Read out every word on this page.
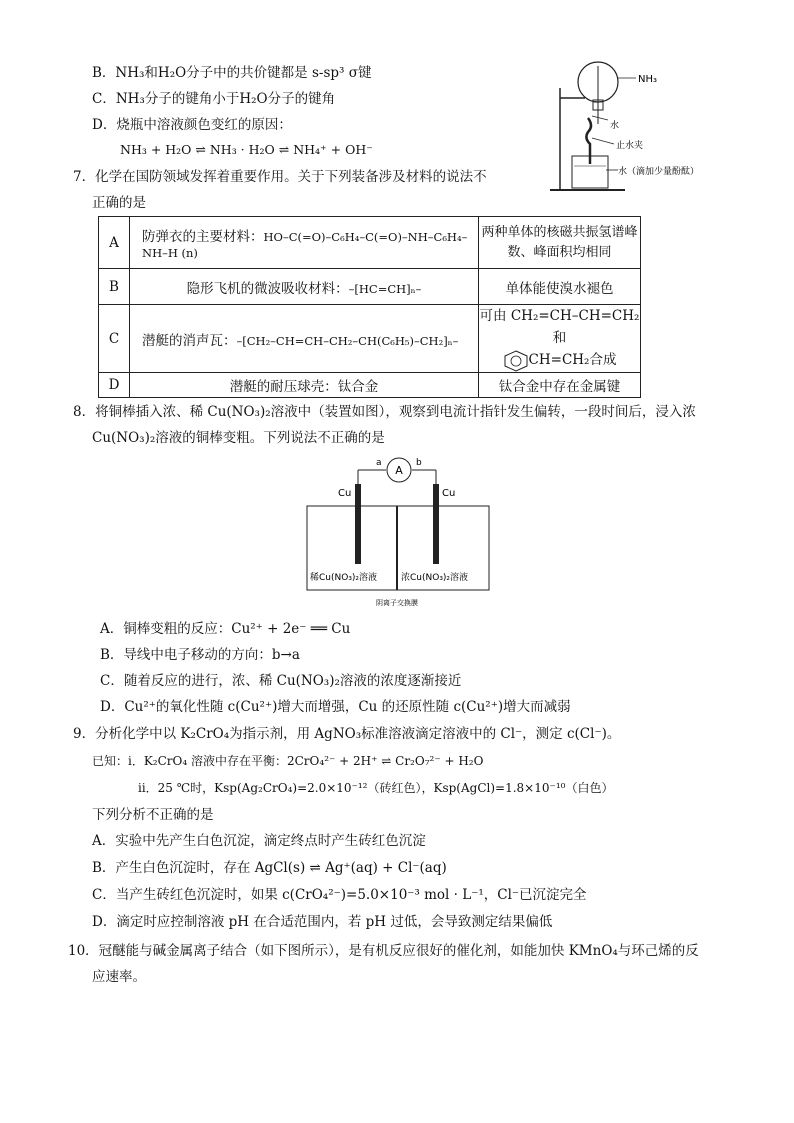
B．NH₃和H₂O分子中的共价键都是 s-sp³ σ键
C．NH₃分子的键角小于H₂O分子的键角
D．烧瓶中溶液颜色变红的原因：
NH₃ + H₂O ⇌ NH₃ · H₂O ⇌ NH₄⁺ + OH⁻
NH₃
水
止水夹
水（滴加少量酚酞）
7．化学在国防领域发挥着重要作用。关于下列装备涉及材料的说法不
正确的是
A	防弹衣的主要材料：HO–C(=O)–C₆H₄–C(=O)–NH–C₆H₄–NH–H (n)	两种单体的核磁共振氢谱峰
数、峰面积均相同

B	隐形飞机的微波吸收材料：–[HC=CH]ₙ–	单体能使溴水褪色
C	潜艇的消声瓦：–[CH₂–CH=CH–CH₂–CH(C₆H₅)–CH₂]ₙ–	可由 CH₂=CH–CH=CH₂和
CH=CH₂合成

D	潜艇的耐压球壳：钛合金	钛合金中存在金属键
8．将铜棒插入浓、稀 Cu(NO₃)₂溶液中（装置如图），观察到电流计指针发生偏转，一段时间后，浸入浓
Cu(NO₃)₂溶液的铜棒变粗。下列说法不正确的是
A
a	b
Cu	Cu
稀Cu(NO₃)₂溶液	浓Cu(NO₃)₂溶液
阴离子交换膜
A．铜棒变粗的反应：Cu²⁺ + 2e⁻ ══ Cu
B．导线中电子移动的方向：b→a
C．随着反应的进行，浓、稀 Cu(NO₃)₂溶液的浓度逐渐接近
D．Cu²⁺的氧化性随 c(Cu²⁺)增大而增强，Cu 的还原性随 c(Cu²⁺)增大而减弱
9．分析化学中以 K₂CrO₄为指示剂，用 AgNO₃标准溶液滴定溶液中的 Cl⁻，测定 c(Cl⁻)。
已知：ⅰ．K₂CrO₄ 溶液中存在平衡：2CrO₄²⁻ + 2H⁺ ⇌ Cr₂O₇²⁻ + H₂O
ⅱ．25 ℃时，Ksp(Ag₂CrO₄)=2.0×10⁻¹²（砖红色），Ksp(AgCl)=1.8×10⁻¹⁰（白色）
下列分析不正确的是
A．实验中先产生白色沉淀，滴定终点时产生砖红色沉淀
B．产生白色沉淀时，存在 AgCl(s) ⇌ Ag⁺(aq) + Cl⁻(aq)
C．当产生砖红色沉淀时，如果 c(CrO₄²⁻)=5.0×10⁻³ mol · L⁻¹，Cl⁻已沉淀完全
D．滴定时应控制溶液 pH 在合适范围内，若 pH 过低，会导致测定结果偏低
10．冠醚能与碱金属离子结合（如下图所示），是有机反应很好的催化剂，如能加快 KMnO₄与环己烯的反
应速率。
